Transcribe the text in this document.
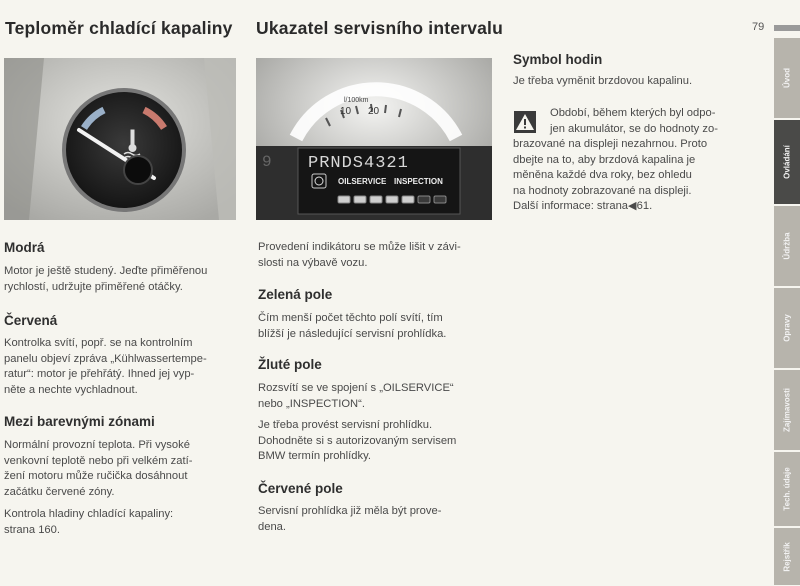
Teploměr chladící kapaliny Ukazatel servisního intervalu	79
l/100km
10 20
9 PRNDS4321
OILSERVICE INSPECTION
Modrá
Motor je ještě studený. Jeďte přiměřenou
rychlostí, udržujte přiměřené otáčky.
Červená
Kontrolka svítí, popř. se na kontrolním
panelu objeví zpráva „Kühlwassertempe-
ratur“: motor je přehřátý. Ihned jej vyp-
něte a nechte vychladnout.
Mezi barevnými zónami
Normální provozní teplota. Při vysoké
venkovní teplotě nebo při velkém zatí-
žení motoru může ručička dosáhnout
začátku červené zóny.
Kontrola hladiny chladící kapaliny:
strana 160.
Provedení indikátoru se může lišit v závi-
slosti na výbavě vozu.
Zelená pole
Čím menší počet těchto polí svítí, tím
blížší je následující servisní prohlídka.
Žluté pole
Rozsvítí se ve spojení s „OILSERVICE“
nebo „INSPECTION“.
Je třeba provést servisní prohlídku.
Dohodněte si s autorizovaným servisem
BMW termín prohlídky.
Červené pole
Servisní prohlídka již měla být prove-
dena.
Symbol hodin
Je třeba vyměnit brzdovou kapalinu.
Období, během kterých byl odpo-
jen akumulátor, se do hodnoty zo-
brazované na displeji nezahrnou. Proto
dbejte na to, aby brzdová kapalina je
měněna každé dva roky, bez ohledu
na hodnoty zobrazované na displeji.
Další informace: strana◀61.
Úvod
Ovládání
Údržba
Opravy
Zajímavosti
Tech. údaje
Rejstřík
